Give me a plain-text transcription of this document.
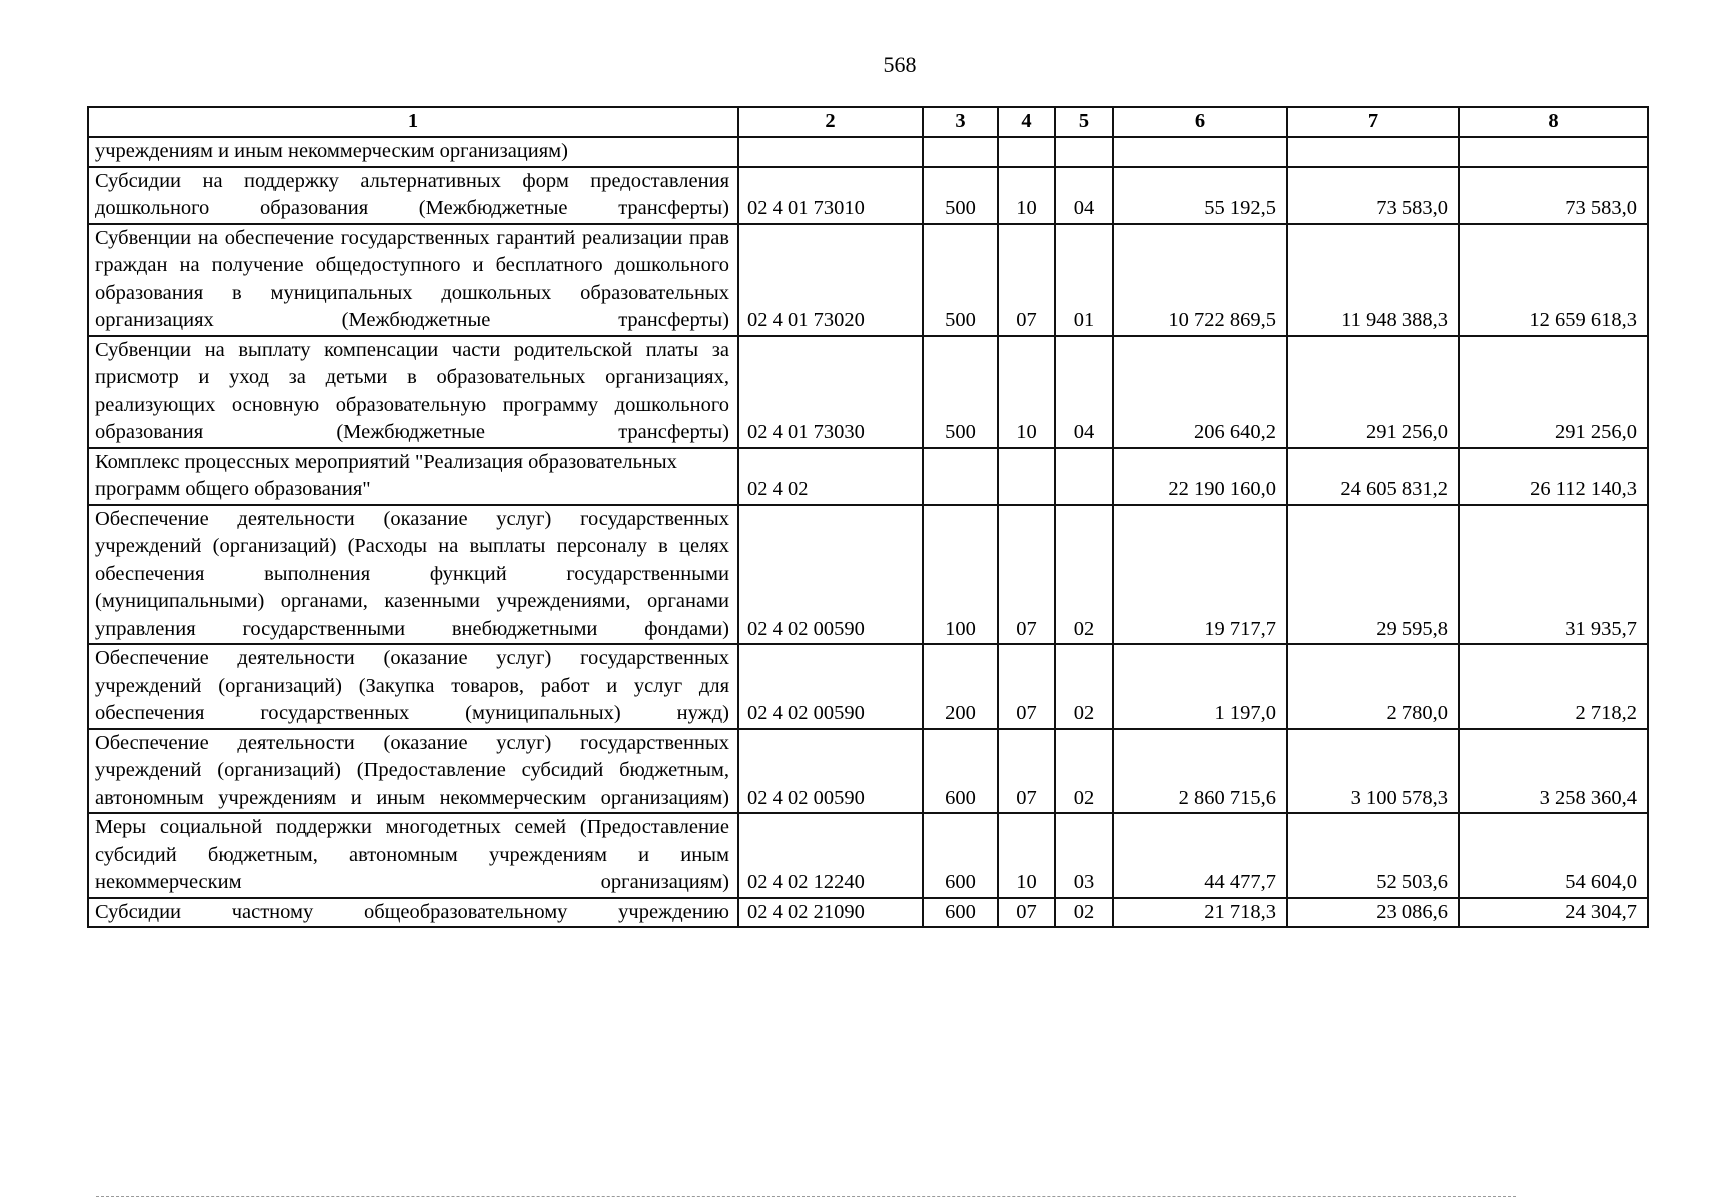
568
1	2	3	4	5	6	7	8
учреждениям и иным некоммерческим организациям)							
Субсидии на поддержку альтернативных форм предоставления дошкольного образования (Межбюджетные трансферты)	02 4 01 73010	500	10	04	55 192,5	73 583,0	73 583,0
Субвенции на обеспечение государственных гарантий реализации прав граждан на получение общедоступного и бесплатного дошкольного образования в муниципальных дошкольных образовательных организациях (Межбюджетные трансферты)	02 4 01 73020	500	07	01	10 722 869,5	11 948 388,3	12 659 618,3
Субвенции на выплату компенсации части родительской платы за присмотр и уход за детьми в образовательных организациях, реализующих основную образовательную программу дошкольного образования (Межбюджетные трансферты)	02 4 01 73030	500	10	04	206 640,2	291 256,0	291 256,0
Комплекс процессных мероприятий "Реализация образовательных программ общего образования"	02 4 02				22 190 160,0	24 605 831,2	26 112 140,3
Обеспечение деятельности (оказание услуг) государственных учреждений (организаций) (Расходы на выплаты персоналу в целях обеспечения выполнения функций государственными (муниципальными) органами, казенными учреждениями, органами управления государственными внебюджетными фондами)	02 4 02 00590	100	07	02	19 717,7	29 595,8	31 935,7
Обеспечение деятельности (оказание услуг) государственных учреждений (организаций) (Закупка товаров, работ и услуг для обеспечения государственных (муниципальных) нужд)	02 4 02 00590	200	07	02	1 197,0	2 780,0	2 718,2
Обеспечение деятельности (оказание услуг) государственных учреждений (организаций) (Предоставление субсидий бюджетным, автономным учреждениям и иным некоммерческим организациям)	02 4 02 00590	600	07	02	2 860 715,6	3 100 578,3	3 258 360,4
Меры социальной поддержки многодетных семей (Предоставление субсидий бюджетным, автономным учреждениям и иным некоммерческим организациям)	02 4 02 12240	600	10	03	44 477,7	52 503,6	54 604,0
Субсидии частному общеобразовательному учреждению	02 4 02 21090	600	07	02	21 718,3	23 086,6	24 304,7
